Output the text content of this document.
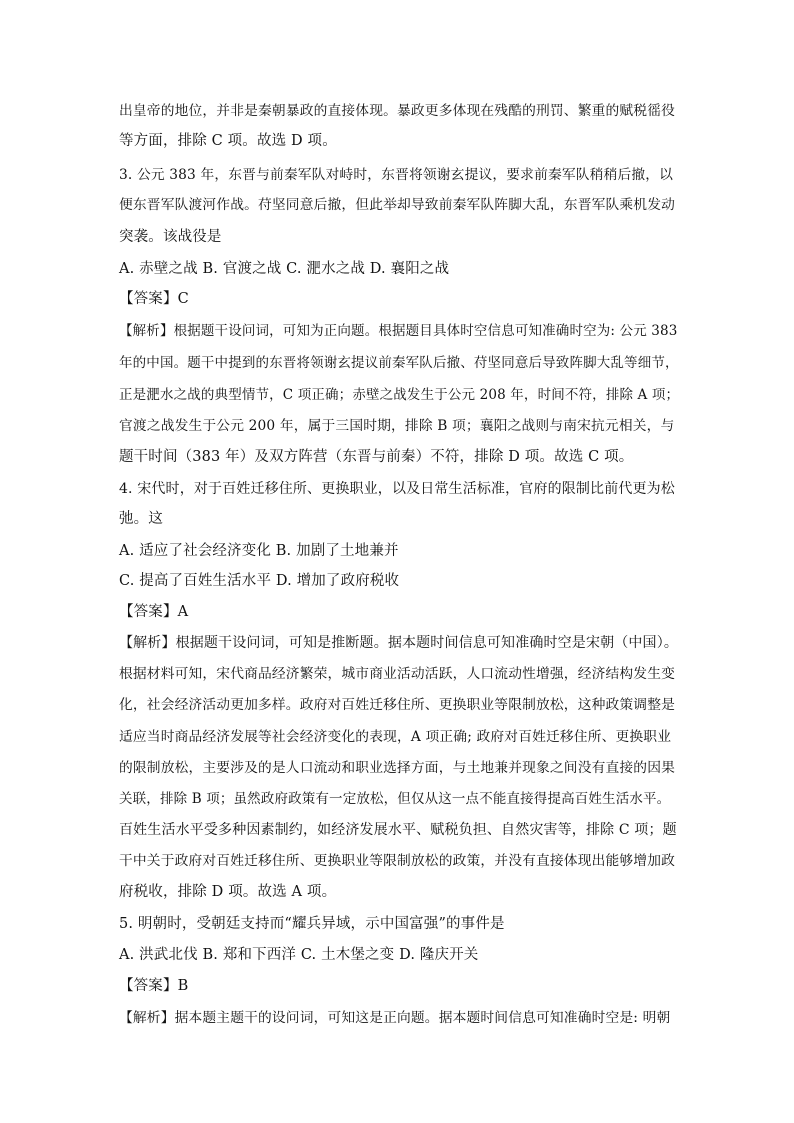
出皇帝的地位，并非是秦朝暴政的直接体现。暴政更多体现在残酷的刑罚、繁重的赋税徭役
等方面，排除 C 项。故选 D 项。
3. 公元 383 年，东晋与前秦军队对峙时，东晋将领谢玄提议，要求前秦军队稍稍后撤，以
便东晋军队渡河作战。苻坚同意后撤，但此举却导致前秦军队阵脚大乱，东晋军队乘机发动
突袭。该战役是
A. 赤壁之战 B. 官渡之战 C. 淝水之战 D. 襄阳之战
【答案】C
【解析】根据题干设问词，可知为正向题。根据题目具体时空信息可知准确时空为: 公元 383
年的中国。题干中提到的东晋将领谢玄提议前秦军队后撤、苻坚同意后导致阵脚大乱等细节，
正是淝水之战的典型情节，C 项正确；赤壁之战发生于公元 208 年，时间不符，排除 A 项；
官渡之战发生于公元 200 年，属于三国时期，排除 B 项；襄阳之战则与南宋抗元相关，与
题干时间（383 年）及双方阵营（东晋与前秦）不符，排除 D 项。故选 C 项。
4. 宋代时，对于百姓迁移住所、更换职业，以及日常生活标准，官府的限制比前代更为松
弛。这
A. 适应了社会经济变化 B. 加剧了土地兼并
C. 提高了百姓生活水平 D. 增加了政府税收
【答案】A
【解析】根据题干设问词，可知是推断题。据本题时间信息可知准确时空是宋朝（中国）。
根据材料可知，宋代商品经济繁荣，城市商业活动活跃，人口流动性增强，经济结构发生变
化，社会经济活动更加多样。政府对百姓迁移住所、更换职业等限制放松，这种政策调整是
适应当时商品经济发展等社会经济变化的表现，A 项正确; 政府对百姓迁移住所、更换职业
的限制放松，主要涉及的是人口流动和职业选择方面，与土地兼并现象之间没有直接的因果
关联，排除 B 项；虽然政府政策有一定放松，但仅从这一点不能直接得提高百姓生活水平。
百姓生活水平受多种因素制约，如经济发展水平、赋税负担、自然灾害等，排除 C 项；题
干中关于政府对百姓迁移住所、更换职业等限制放松的政策，并没有直接体现出能够增加政
府税收，排除 D 项。故选 A 项。
5. 明朝时，受朝廷支持而“耀兵异域，示中国富强”的事件是
A. 洪武北伐 B. 郑和下西洋 C. 土木堡之变 D. 隆庆开关
【答案】B
【解析】据本题主题干的设问词，可知这是正向题。据本题时间信息可知准确时空是: 明朝
